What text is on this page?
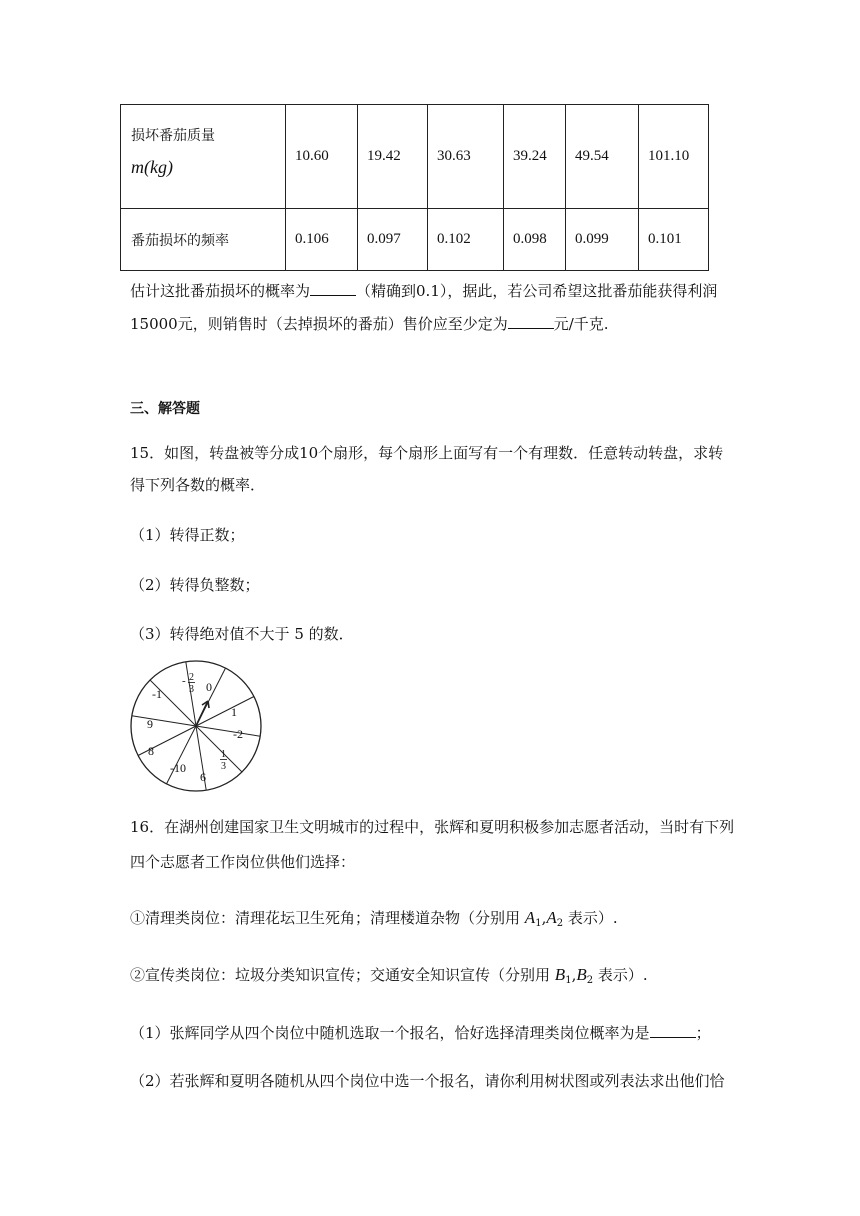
损坏番茄质量
m(kg)	10.60	19.42	30.63	39.24	49.54	101.10
番茄损坏的频率	0.106	0.097	0.102	0.098	0.099	0.101
估计这批番茄损坏的概率为	（精确到0.1），据此，若公司希望这批番茄能获得利润
15000元，则销售时（去掉损坏的番茄）售价应至少定为	元/千克.
三、解答题
15．如图，转盘被等分成10个扇形，每个扇形上面写有一个有理数．任意转动转盘，求转
得下列各数的概率．
（1）转得正数；
（2）转得负整数；
（3）转得绝对值不大于 5 的数．
0
1
-2
6
-10
8
9
-1
- 2
3
1
3
16．在湖州创建国家卫生文明城市的过程中，张辉和夏明积极参加志愿者活动，当时有下列
四个志愿者工作岗位供他们选择：
①清理类岗位：清理花坛卫生死角；清理楼道杂物（分别用 $A_1,A_2$ 表示）.
②宣传类岗位：垃圾分类知识宣传；交通安全知识宣传（分别用 $B_1,B_2$ 表示）.
（1）张辉同学从四个岗位中随机选取一个报名，恰好选择清理类岗位概率为是	；
（2）若张辉和夏明各随机从四个岗位中选一个报名，请你利用树状图或列表法求出他们恰
